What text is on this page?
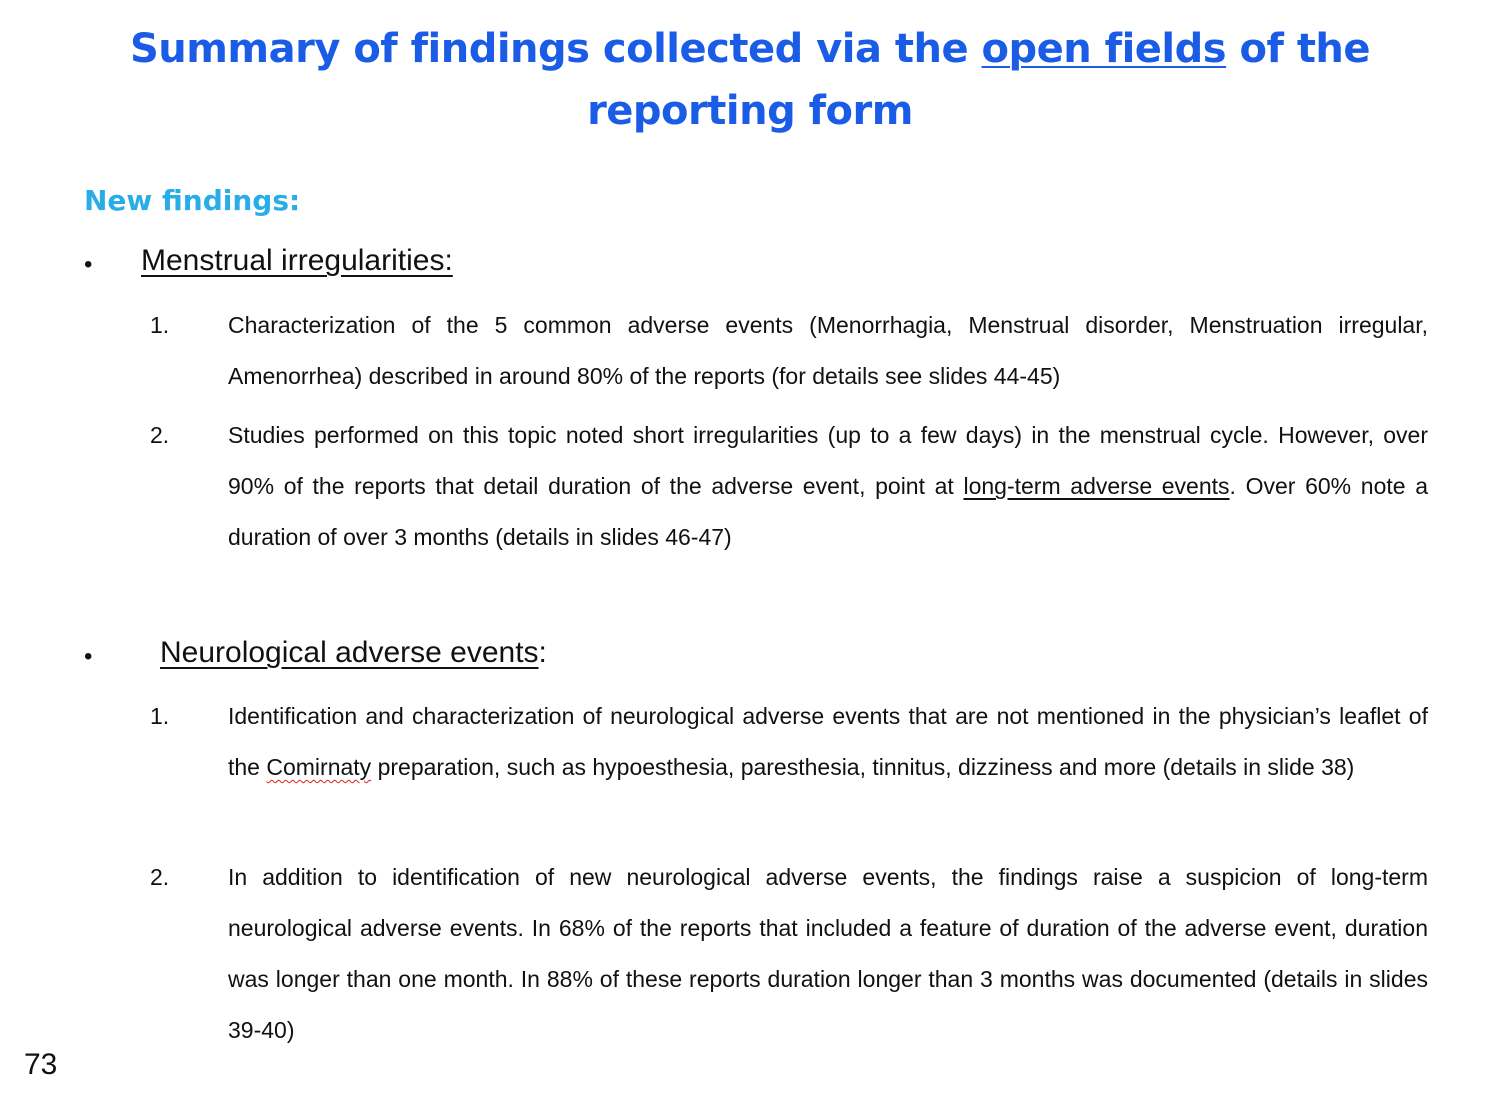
Summary of findings collected via the open fields of the
reporting form
New findings:
• Menstrual irregularities:
1.	Characterization of the 5 common adverse events (Menorrhagia, Menstrual disorder, Menstruation irregular, Amenorrhea) described in around 80% of the reports (for details see slides 44-45)
2.	Studies performed on this topic noted short irregularities (up to a few days) in the menstrual cycle. However, over 90% of the reports that detail duration of the adverse event, point at long-term adverse events. Over 60% note a duration of over 3 months (details in slides 46-47)
• Neurological adverse events:
1.	Identification and characterization of neurological adverse events that are not mentioned in the physician’s leaflet of the Comirnaty preparation, such as hypoesthesia, paresthesia, tinnitus, dizziness and more (details in slide 38)
2.	In addition to identification of new neurological adverse events, the findings raise a suspicion of long-term neurological adverse events. In 68% of the reports that included a feature of duration of the adverse event, duration was longer than one month. In 88% of these reports duration longer than 3 months was documented (details in slides 39-40)
73
